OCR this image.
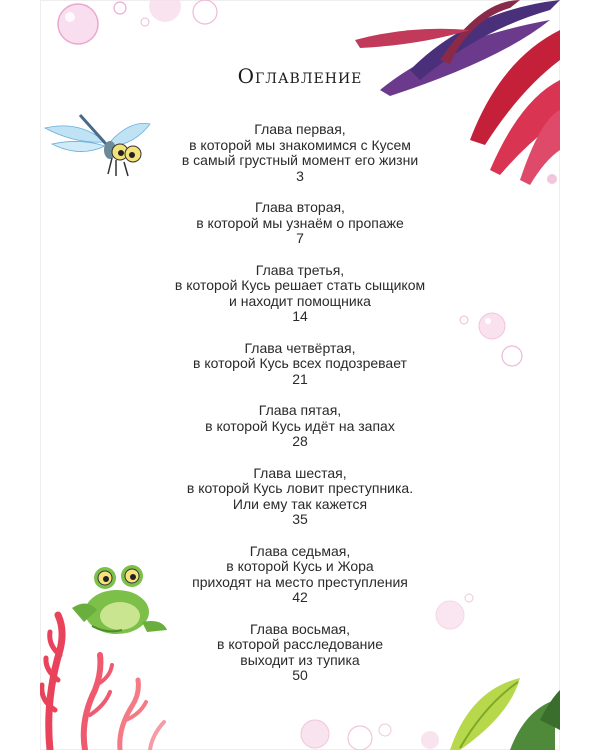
Оглавление
Глава первая,
в которой мы знакомимся с Кусем
в самый грустный момент его жизни
3
Глава вторая,
в которой мы узнаём о пропаже
7
Глава третья,
в которой Кусь решает стать сыщиком
и находит помощника
14
Глава четвёртая,
в которой Кусь всех подозревает
21
Глава пятая,
в которой Кусь идёт на запах
28
Глава шестая,
в которой Кусь ловит преступника.
Или ему так кажется
35
Глава седьмая,
в которой Кусь и Жора
приходят на место преступления
42
Глава восьмая,
в которой расследование
выходит из тупика
50
